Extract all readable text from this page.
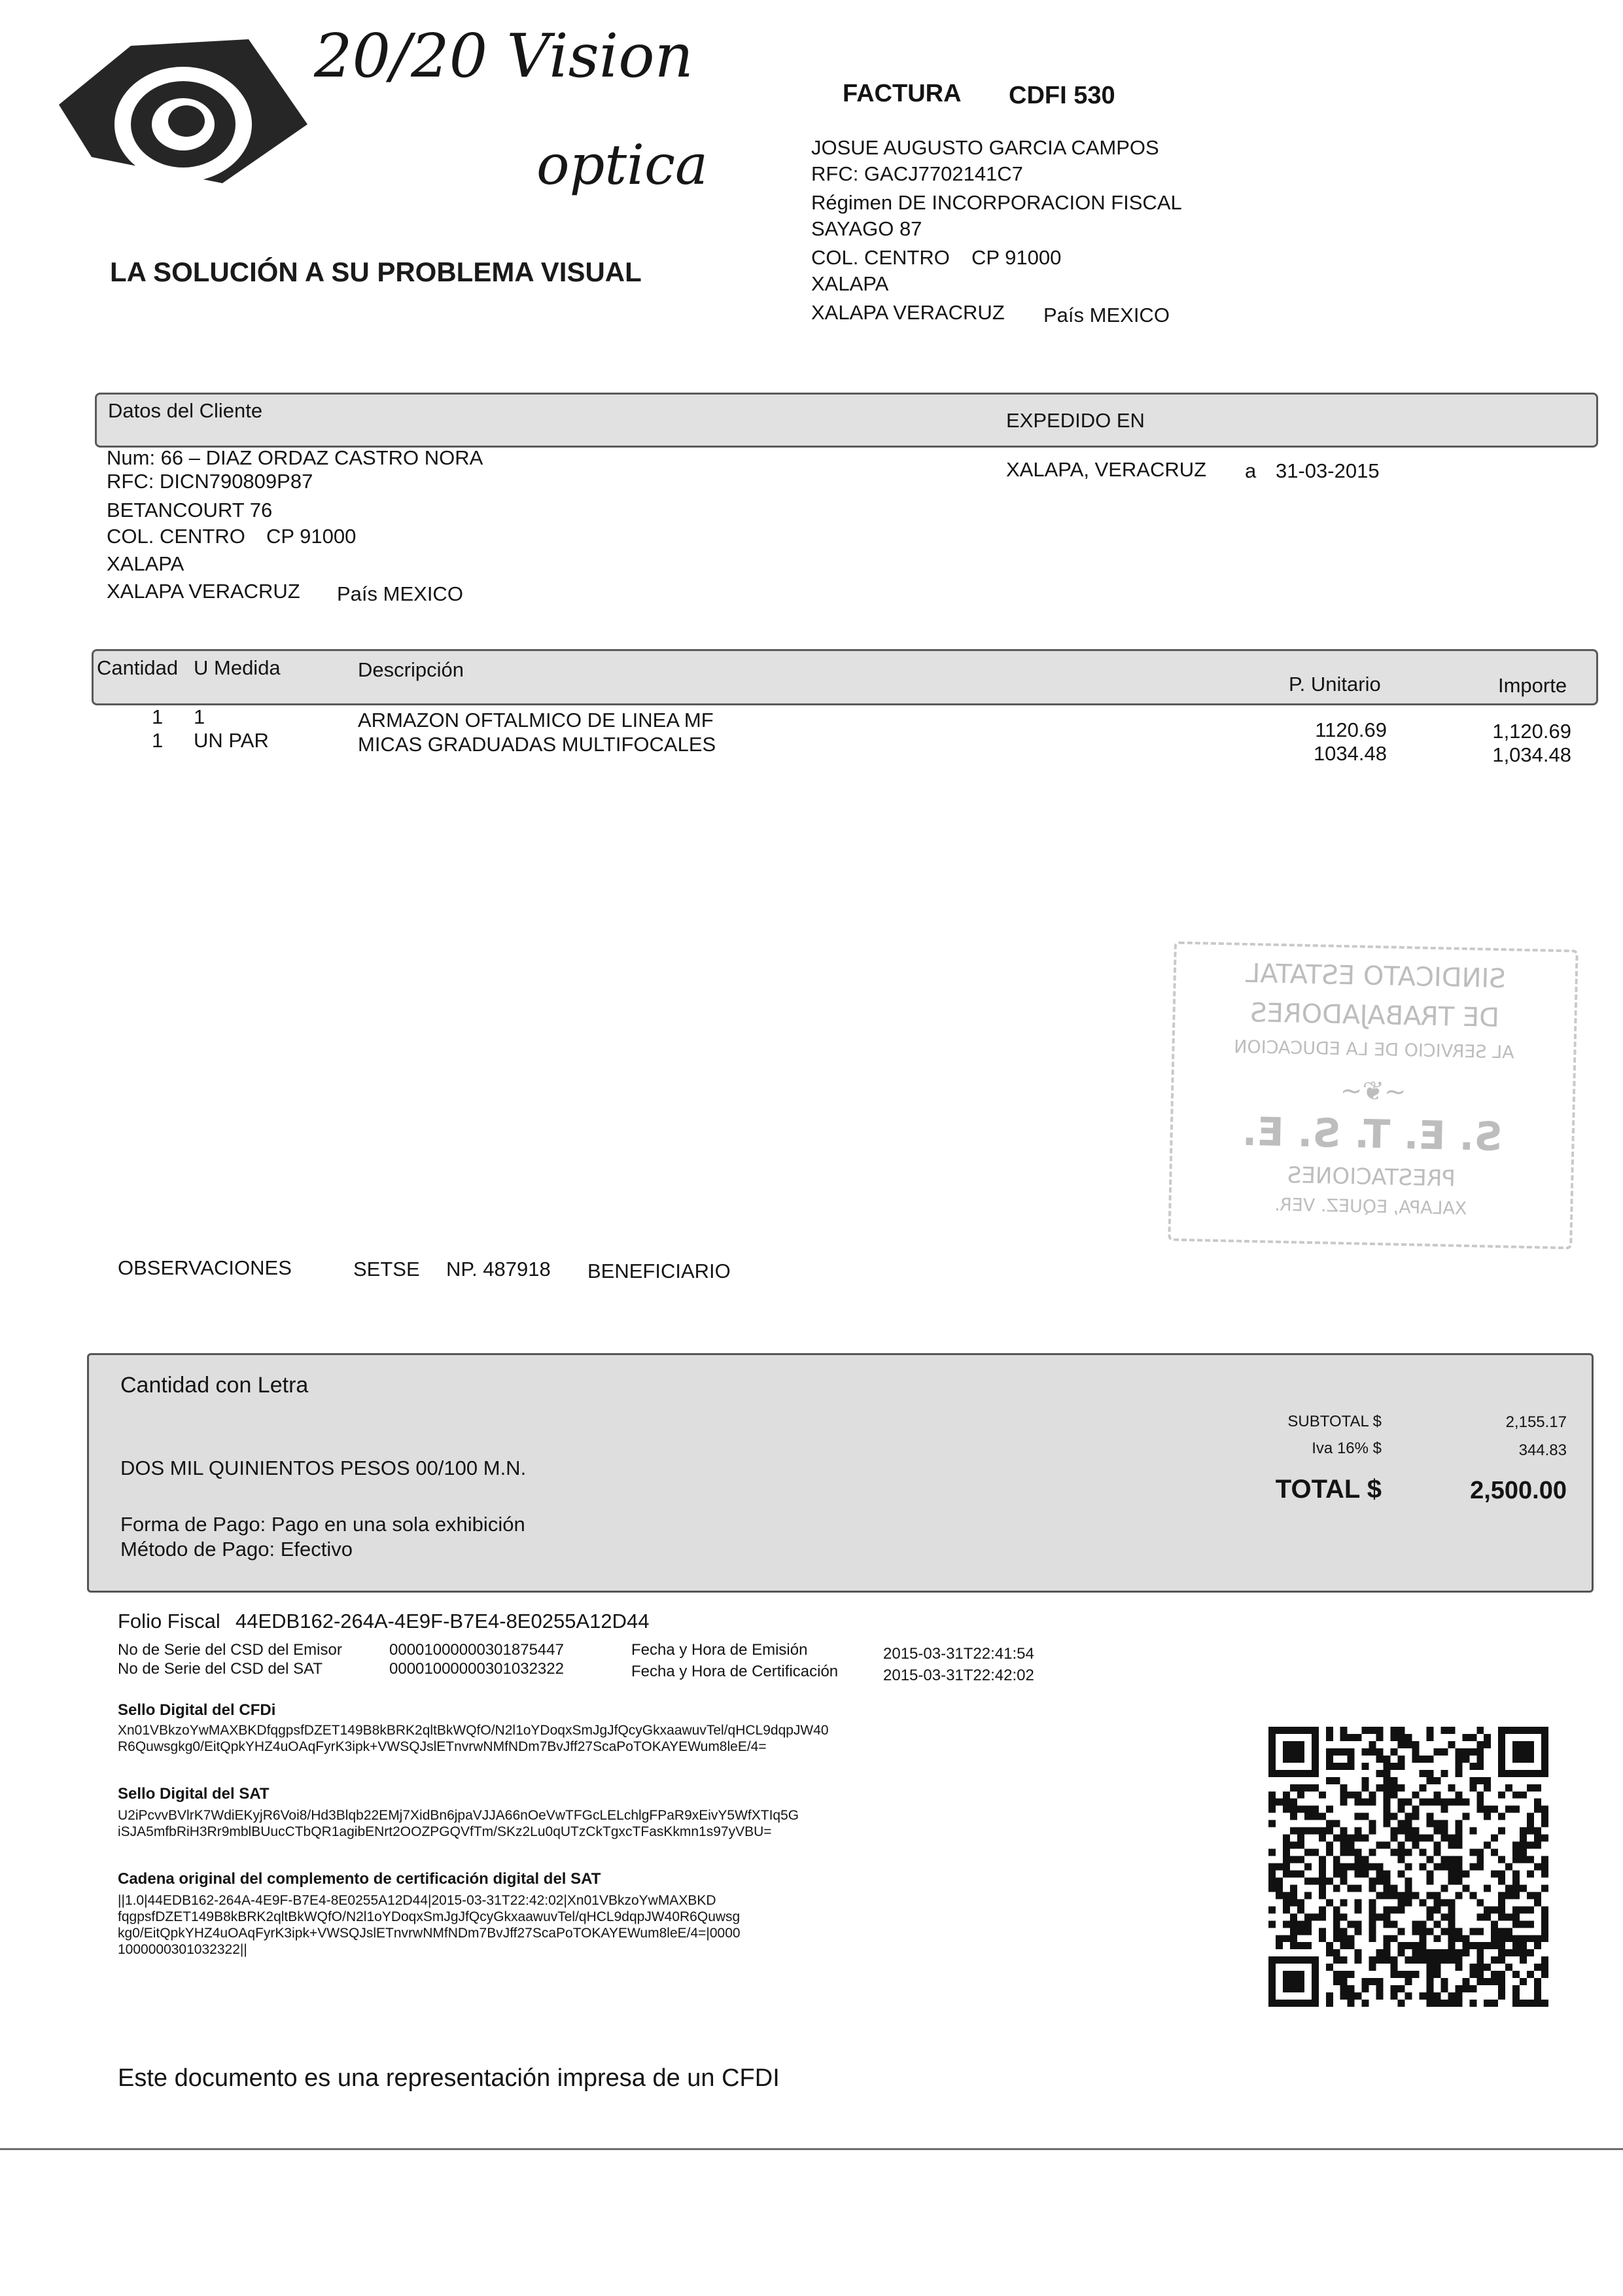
20/20 Vision
optica
LA SOLUCIÓN A SU PROBLEMA VISUAL
FACTURA CDFI 530
JOSUE AUGUSTO GARCIA CAMPOS
RFC: GACJ7702141C7
Régimen DE INCORPORACION FISCAL
SAYAGO 87
COL. CENTRO CP 91000
XALAPA
XALAPA VERACRUZ País MEXICO
Datos del Cliente	EXPEDIDO EN
Num: 66 – DIAZ ORDAZ CASTRO NORA
RFC: DICN790809P87
BETANCOURT 76
COL. CENTRO CP 91000
XALAPA
XALAPA VERACRUZ País MEXICO
XALAPA, VERACRUZ a 31-03-2015
Cantidad U Medida	Descripción
P. Unitario	Importe
1 1	ARMAZON OFTALMICO DE LINEA MF	1120.69	1,120.69
1 UN PAR	MICAS GRADUADAS MULTIFOCALES	1034.48	1,034.48
SINDICATO ESTATAL
DE TRABAJADORES
AL SERVICIO DE LA EDUCACION
~❦~
S. E. T. S. E.
PRESTACIONES
XALAPA, EQUEZ. VER.
OBSERVACIONES	SETSE NP. 487918 BENEFICIARIO
Cantidad con Letra
DOS MIL QUINIENTOS PESOS 00/100 M.N.
Forma de Pago: Pago en una sola exhibición
Método de Pago: Efectivo
SUBTOTAL $	2,155.17
Iva 16% $	344.83
TOTAL $	2,500.00
Folio Fiscal 44EDB162-264A-4E9F-B7E4-8E0255A12D44
No de Serie del CSD del Emisor	00001000000301875447
No de Serie del CSD del SAT	00001000000301032322
Fecha y Hora de Emisión	2015-03-31T22:41:54
Fecha y Hora de Certificación	2015-03-31T22:42:02
Sello Digital del CFDi
Xn01VBkzoYwMAXBKDfqgpsfDZET149B8kBRK2qltBkWQfO/N2l1oYDoqxSmJgJfQcyGkxaawuvTel/qHCL9dqpJW40
R6Quwsgkg0/EitQpkYHZ4uOAqFyrK3ipk+VWSQJslETnvrwNMfNDm7BvJff27ScaPoTOKAYEWum8leE/4=
Sello Digital del SAT
U2iPcvvBVlrK7WdiEKyjR6Voi8/Hd3Blqb22EMj7XidBn6jpaVJJA66nOeVwTFGcLELchlgFPaR9xEivY5WfXTIq5G
iSJA5mfbRiH3Rr9mblBUucCTbQR1agibENrt2OOZPGQVfTm/SKz2Lu0qUTzCkTgxcTFasKkmn1s97yVBU=
Cadena original del complemento de certificación digital del SAT
||1.0|44EDB162-264A-4E9F-B7E4-8E0255A12D44|2015-03-31T22:42:02|Xn01VBkzoYwMAXBKD
fqgpsfDZET149B8kBRK2qltBkWQfO/N2l1oYDoqxSmJgJfQcyGkxaawuvTel/qHCL9dqpJW40R6Quwsg
kg0/EitQpkYHZ4uOAqFyrK3ipk+VWSQJslETnvrwNMfNDm7BvJff27ScaPoTOKAYEWum8leE/4=|0000
1000000301032322||
Este documento es una representación impresa de un CFDI
